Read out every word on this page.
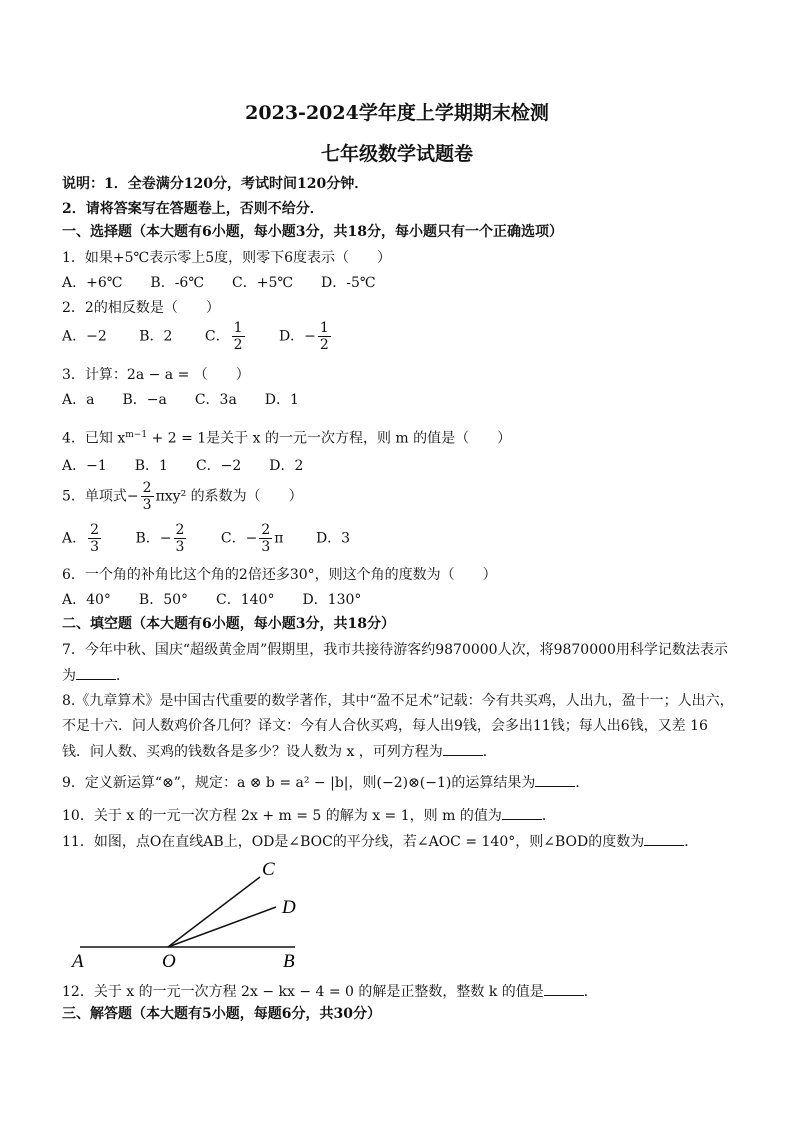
2023-2024学年度上学期期末检测
七年级数学试题卷
说明：1．全卷满分120分，考试时间120分钟．
2．请将答案写在答题卷上，否则不给分．
一、选择题（本大题有6小题，每小题3分，共18分，每小题只有一个正确选项）
1．如果+5℃表示零上5度，则零下6度表示（　　）
A．+6℃　　B．-6℃　　C．+5℃　　D．-5℃
2．2的相反数是（　　）
A．−2　　 B．2　　 C． $\frac{1}{2}$
　　 D．− $\frac{1}{2}$
3．计算：2a − a = （　　）
A．a　　B．−a　　C．3a　　D．1
4．已知 $x^{m-1} + 2 = 1$是关于 x 的一元一次方程，则 m 的值是（　　）
A．−1　　B．1　　C．−2　　D．2
5．单项式− $\frac{2}{3} \pi xy^2$ 的系数为（　　）
A． $\frac{2}{3}$
　　 B．− $\frac{2}{3}$
　　 C．− $\frac{2}{3}$ π　　 D．3
6．一个角的补角比这个角的2倍还多30°，则这个角的度数为（　　）
A．40°　　B．50°　　C．140°　　D．130°
二、填空题（本大题有6小题，每小题3分，共18分）
7．今年中秋、国庆“超级黄金周”假期里，我市共接待游客约9870000人次，将9870000用科学记数法表示
为	．
8.《九章算术》是中国古代重要的数学著作，其中“盈不足术”记载：今有共买鸡，人出九，盈十一；人出六，
不足十六．问人数鸡价各几何？译文：今有人合伙买鸡，每人出9钱，会多出11钱；每人出6钱，又差 16
钱．问人数、买鸡的钱数各是多少？设人数为 x ，可列方程为	．
9．定义新运算“⊗”，规定：a ⊗ b = a² − |b|，则(−2)⊗(−1)的运算结果为	．
10．关于 x 的一元一次方程 2x + m = 5 的解为 x = 1，则 m 的值为	．
11．如图，点O在直线AB上，OD是∠BOC的平分线，若∠AOC = 140°，则∠BOD的度数为	．
A	O	B
C
D
12．关于 x 的一元一次方程 2x − kx − 4 = 0 的解是正整数，整数 k 的值是	．
三、解答题（本大题有5小题，每题6分，共30分）
